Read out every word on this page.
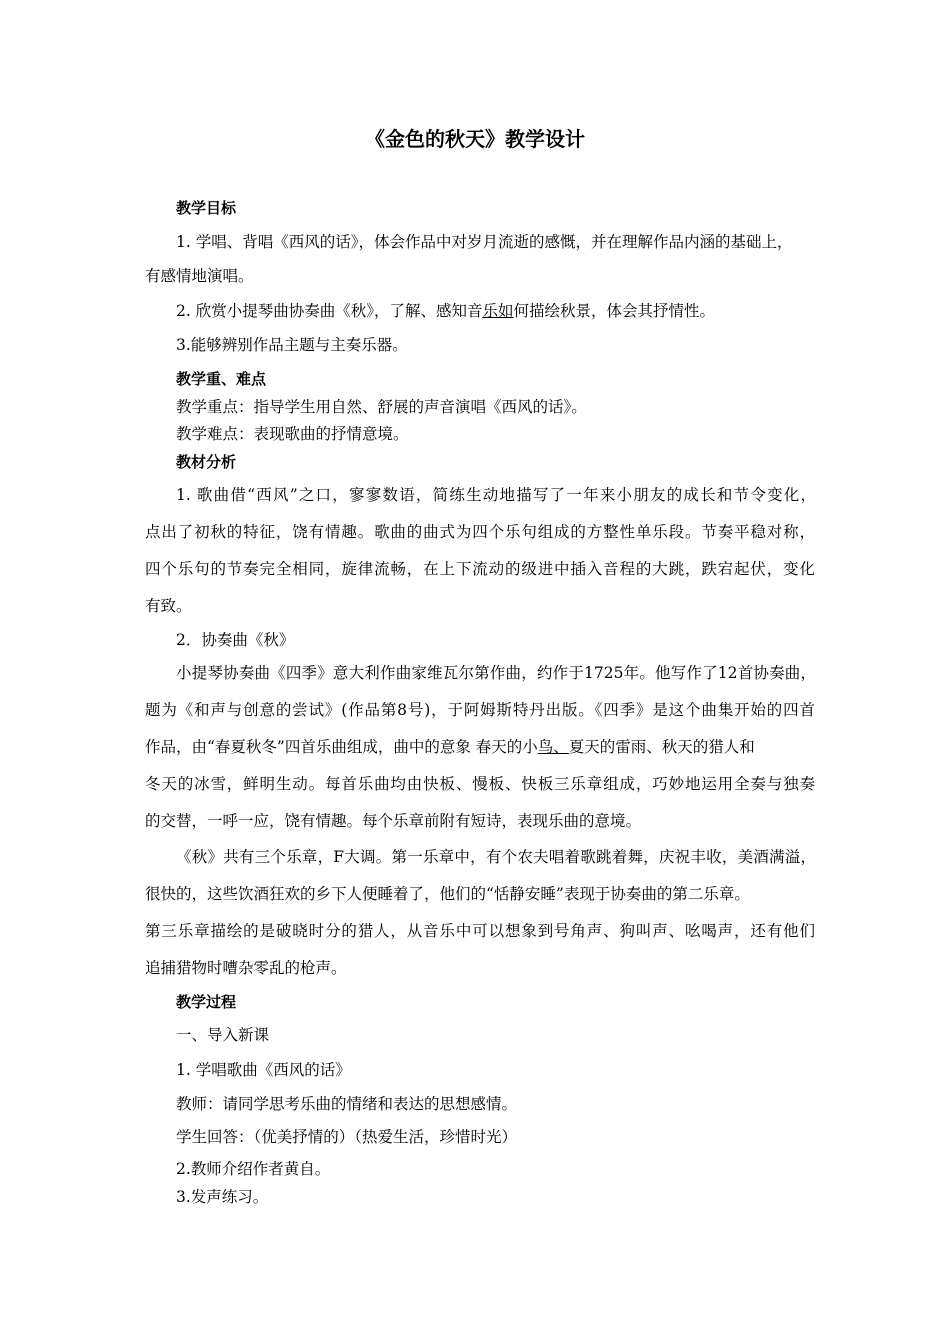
《金色的秋天》教学设计
教学目标
1. 学唱、背唱《西风的话》，体会作品中对岁月流逝的感慨，并在理解作品内涵的基础上，
有感情地演唱。
2. 欣赏小提琴曲协奏曲《秋》，了解、感知音乐如何描绘秋景，体会其抒情性。
3.能够辨别作品主题与主奏乐器。
教学重、难点
教学重点：指导学生用自然、舒展的声音演唱《西风的话》。
教学难点：表现歌曲的抒情意境。
教材分析
1. 歌曲借“西风”之口，寥寥数语，简练生动地描写了一年来小朋友的成长和节令变化，
点出了初秋的特征，饶有情趣。歌曲的曲式为四个乐句组成的方整性单乐段。节奏平稳对称，
四个乐句的节奏完全相同，旋律流畅，在上下流动的级进中插入音程的大跳，跌宕起伏，变化
有致。
2．协奏曲《秋》
小提琴协奏曲《四季》意大利作曲家维瓦尔第作曲，约作于1725年。他写作了12首协奏曲，
题为《和声与创意的尝试》(作品第8号)，于阿姆斯特丹出版。《四季》是这个曲集开始的四首
作品，由“春夏秋冬”四首乐曲组成，曲中的意象 春天的小鸟、夏天的雷雨、秋天的猎人和
冬天的冰雪，鲜明生动。每首乐曲均由快板、慢板、快板三乐章组成，巧妙地运用全奏与独奏
的交替，一呼一应，饶有情趣。每个乐章前附有短诗，表现乐曲的意境。
《秋》共有三个乐章，F大调。第一乐章中，有个农夫唱着歌跳着舞，庆祝丰收，美酒满溢，
很快的，这些饮酒狂欢的乡下人便睡着了，他们的“恬静安睡”表现于协奏曲的第二乐章。
第三乐章描绘的是破晓时分的猎人，从音乐中可以想象到号角声、狗叫声、吆喝声，还有他们
追捕猎物时嘈杂零乱的枪声。
教学过程
一、导入新课
1. 学唱歌曲《西风的话》
教师：请同学思考乐曲的情绪和表达的思想感情。
学生回答：（优美抒情的）（热爱生活，珍惜时光）
2.教师介绍作者黄自。
3.发声练习。
